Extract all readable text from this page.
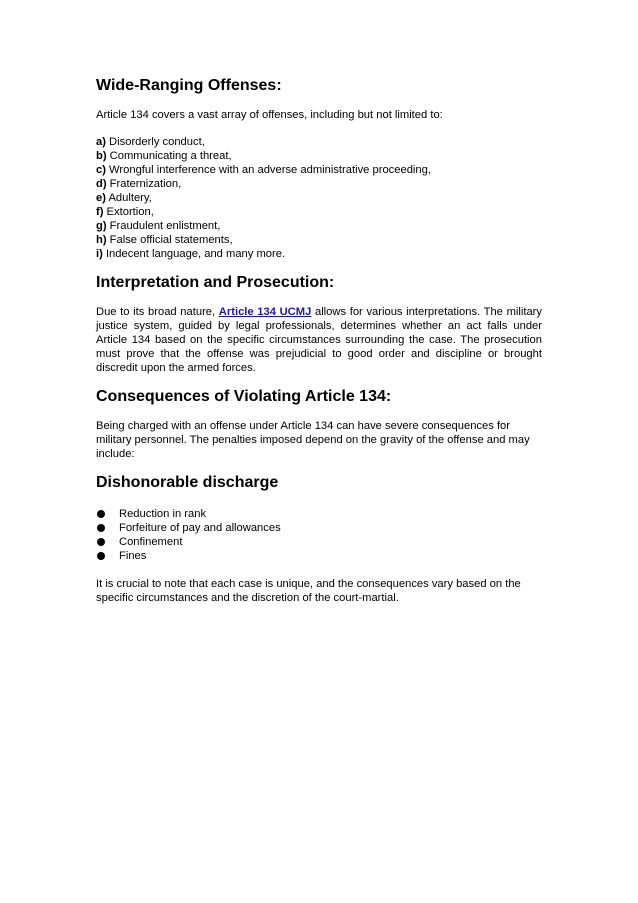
Wide-Ranging Offenses:

Article 134 covers a vast array of offenses, including but not limited to:

a) Disorderly conduct,
b) Communicating a threat,
c) Wrongful interference with an adverse administrative proceeding,
d) Fraternization,
e) Adultery,
f) Extortion,
g) Fraudulent enlistment,
h) False official statements,
i) Indecent language, and many more.
Interpretation and Prosecution:

Due to its broad nature, Article 134 UCMJ allows for various interpretations. The military justice system, guided by legal professionals, determines whether an act falls under Article 134 based on the specific circumstances surrounding the case. The prosecution must prove that the offense was prejudicial to good order and discipline or brought discredit upon the armed forces.

Consequences of Violating Article 134:

Being charged with an offense under Article 134 can have severe consequences for military personnel. The penalties imposed depend on the gravity of the offense and may include:

Dishonorable discharge
Reduction in rank
Forfeiture of pay and allowances
Confinement
Fines

It is crucial to note that each case is unique, and the consequences vary based on the specific circumstances and the discretion of the court-martial.
